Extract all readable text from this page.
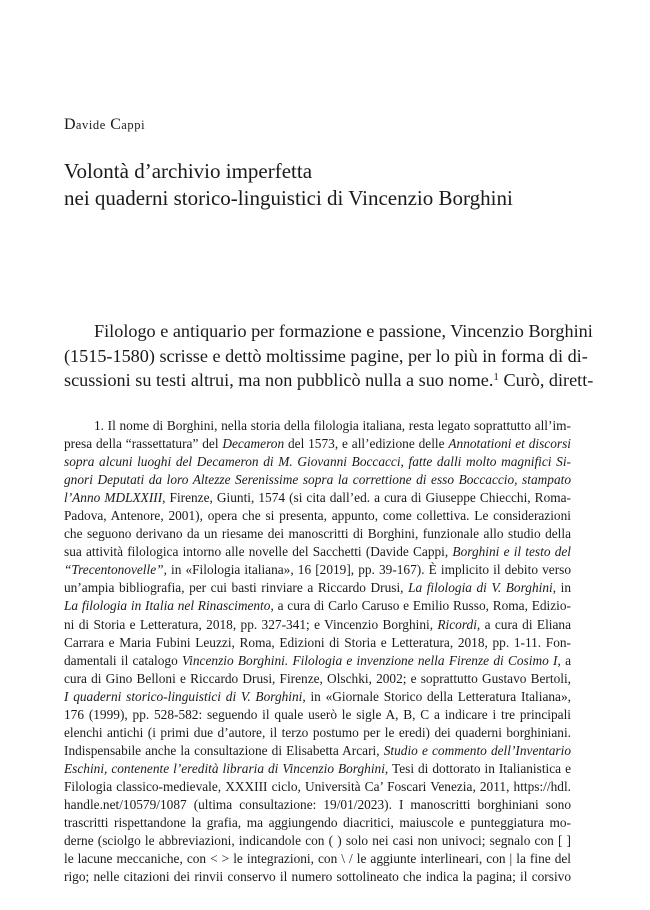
Davide Cappi
Volontà d’archivio imperfetta
nei quaderni storico-linguistici di Vincenzio Borghini
Filologo e antiquario per formazione e passione, Vincenzio Borghini
(1515-1580) scrisse e dettò moltissime pagine, per lo più in forma di di-
scussioni su testi altrui, ma non pubblicò nulla a suo nome.$^1$ Curò, dirett-
1. Il nome di Borghini, nella storia della filologia italiana, resta legato soprattutto all’im-
presa della “rassettatura” del Decameron del 1573, e all’edizione delle Annotationi et discorsi
sopra alcuni luoghi del Decameron di M. Giovanni Boccacci, fatte dalli molto magnifici Si-
gnori Deputati da loro Altezze Serenissime sopra la correttione di esso Boccaccio, stampato
l’Anno MDLXXIII, Firenze, Giunti, 1574 (si cita dall’ed. a cura di Giuseppe Chiecchi, Roma-
Padova, Antenore, 2001), opera che si presenta, appunto, come collettiva. Le considerazioni
che seguono derivano da un riesame dei manoscritti di Borghini, funzionale allo studio della
sua attività filologica intorno alle novelle del Sacchetti (Davide Cappi, Borghini e il testo del
“Trecentonovelle”, in «Filologia italiana», 16 [2019], pp. 39-167). È implicito il debito verso
un’ampia bibliografia, per cui basti rinviare a Riccardo Drusi, La filologia di V. Borghini, in
La filologia in Italia nel Rinascimento, a cura di Carlo Caruso e Emilio Russo, Roma, Edizio-
ni di Storia e Letteratura, 2018, pp. 327-341; e Vincenzio Borghini, Ricordi, a cura di Eliana
Carrara e Maria Fubini Leuzzi, Roma, Edizioni di Storia e Letteratura, 2018, pp. 1-11. Fon-
damentali il catalogo Vincenzio Borghini. Filologia e invenzione nella Firenze di Cosimo I, a
cura di Gino Belloni e Riccardo Drusi, Firenze, Olschki, 2002; e soprattutto Gustavo Bertoli,
I quaderni storico-linguistici di V. Borghini, in «Giornale Storico della Letteratura Italiana»,
176 (1999), pp. 528-582: seguendo il quale userò le sigle A, B, C a indicare i tre principali
elenchi antichi (i primi due d’autore, il terzo postumo per le eredi) dei quaderni borghiniani.
Indispensabile anche la consultazione di Elisabetta Arcari, Studio e commento dell’Inventario
Eschini, contenente l’eredità libraria di Vincenzio Borghini, Tesi di dottorato in Italianistica e
Filologia classico-medievale, XXXIII ciclo, Università Ca’ Foscari Venezia, 2011, https://hdl.
handle.net/10579/1087 (ultima consultazione: 19/01/2023). I manoscritti borghiniani sono
trascritti rispettandone la grafia, ma aggiungendo diacritici, maiuscole e punteggiatura mo-
derne (sciolgo le abbreviazioni, indicandole con ( ) solo nei casi non univoci; segnalo con [ ]
le lacune meccaniche, con < > le integrazioni, con \ / le aggiunte interlineari, con | la fine del
rigo; nelle citazioni dei rinvii conservo il numero sottolineato che indica la pagina; il corsivo
